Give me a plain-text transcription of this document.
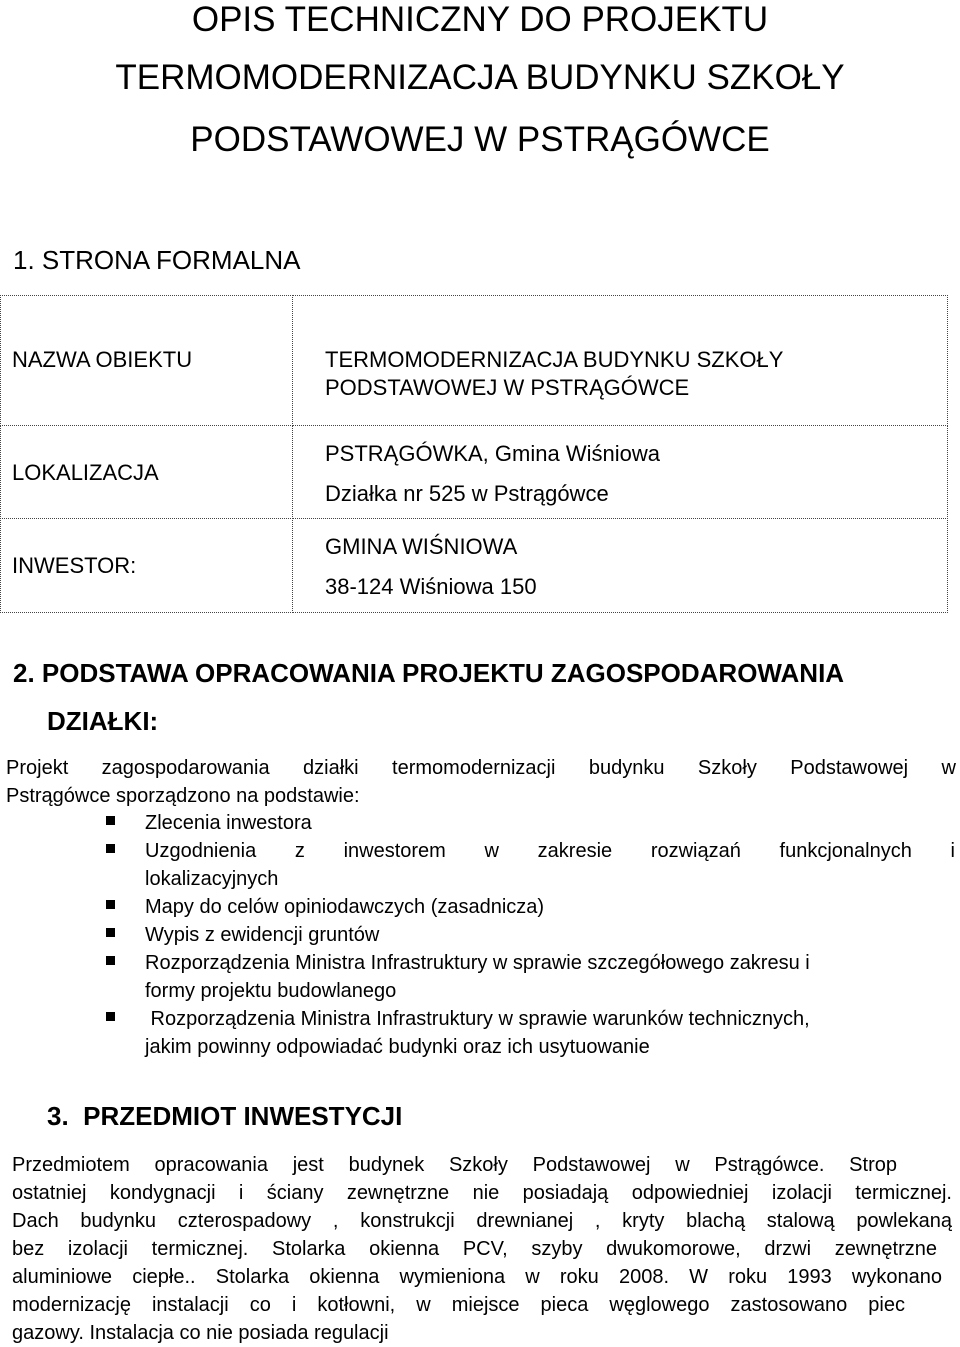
OPIS TECHNICZNY DO PROJEKTU
TERMOMODERNIZACJA BUDYNKU SZKOŁY
PODSTAWOWEJ W PSTRĄGÓWCE
1. STRONA FORMALNA
NAZWA OBIEKTU	TERMOMODERNIZACJA BUDYNKU SZKOŁY
PODSTAWOWEJ W PSTRĄGÓWCE
LOKALIZACJA
PSTRĄGÓWKA, Gmina Wiśniowa
Działka nr 525 w Pstrągówce
INWESTOR:
GMINA WIŚNIOWA
38-124 Wiśniowa 150
2. PODSTAWA OPRACOWANIA PROJEKTU ZAGOSPODAROWANIA
DZIAŁKI:
Projekt zagospodarowania działki termomodernizacji budynku Szkoły Podstawowej w
Pstrągówce sporządzono na podstawie:
Zlecenia inwestora
Uzgodnienia z inwestorem w zakresie rozwiązań funkcjonalnych i
lokalizacyjnych
Mapy do celów opiniodawczych (zasadnicza)
Wypis z ewidencji gruntów
Rozporządzenia Ministra Infrastruktury w sprawie szczegółowego zakresu i
formy projektu budowlanego
Rozporządzenia Ministra Infrastruktury w sprawie warunków technicznych,
jakim powinny odpowiadać budynki oraz ich usytuowanie
3.  PRZEDMIOT INWESTYCJI
Przedmiotem opracowania jest budynek Szkoły Podstawowej w Pstrągówce. Strop
ostatniej kondygnacji i ściany zewnętrzne nie posiadają odpowiedniej izolacji termicznej.
Dach budynku czterospadowy , konstrukcji drewnianej , kryty blachą stalową powlekaną
bez izolacji termicznej. Stolarka okienna PCV, szyby dwukomorowe, drzwi zewnętrzne
aluminiowe ciepłe.. Stolarka okienna wymieniona w roku 2008. W roku 1993 wykonano
modernizację instalacji co i kotłowni, w miejsce pieca węglowego zastosowano piec
gazowy. Instalacja co nie posiada regulacji
